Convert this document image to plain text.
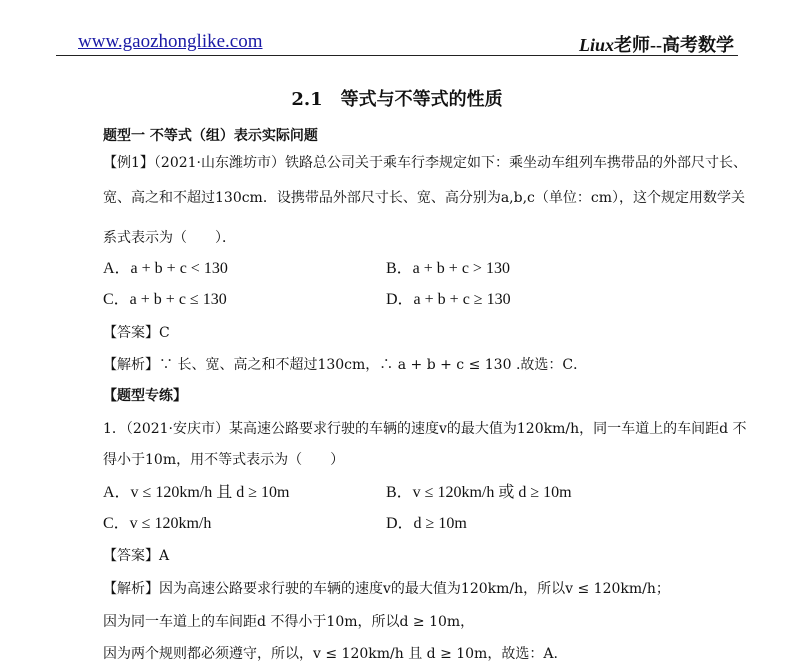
www.gaozhonglike.com	Liux老师--高考数学
2.1　等式与不等式的性质
题型一 不等式（组）表示实际问题
【例1】（2021·山东潍坊市）铁路总公司关于乘车行李规定如下：乘坐动车组列车携带品的外部尺寸长、
宽、高之和不超过130cm．设携带品外部尺寸长、宽、高分别为a,b,c（单位：cm），这个规定用数学关
系式表示为（　　）．
A．a + b + c < 130	B．a + b + c > 130
C．a + b + c ≤ 130	D．a + b + c ≥ 130
【答案】C
【解析】∵ 长、宽、高之和不超过130cm，∴ a + b + c ≤ 130 .故选：C．
【题型专练】
1．（2021·安庆市）某高速公路要求行驶的车辆的速度v的最大值为120km/h，同一车道上的车间距d 不
得小于10m，用不等式表示为（　　）
A．v ≤ 120km/h 且 d ≥ 10m	B．v ≤ 120km/h 或 d ≥ 10m
C．v ≤ 120km/h	D．d ≥ 10m
【答案】A
【解析】因为高速公路要求行驶的车辆的速度v的最大值为120km/h，所以v ≤ 120km/h；
因为同一车道上的车间距d 不得小于10m，所以d ≥ 10m，
因为两个规则都必须遵守，所以，v ≤ 120km/h 且 d ≥ 10m，故选：A.
